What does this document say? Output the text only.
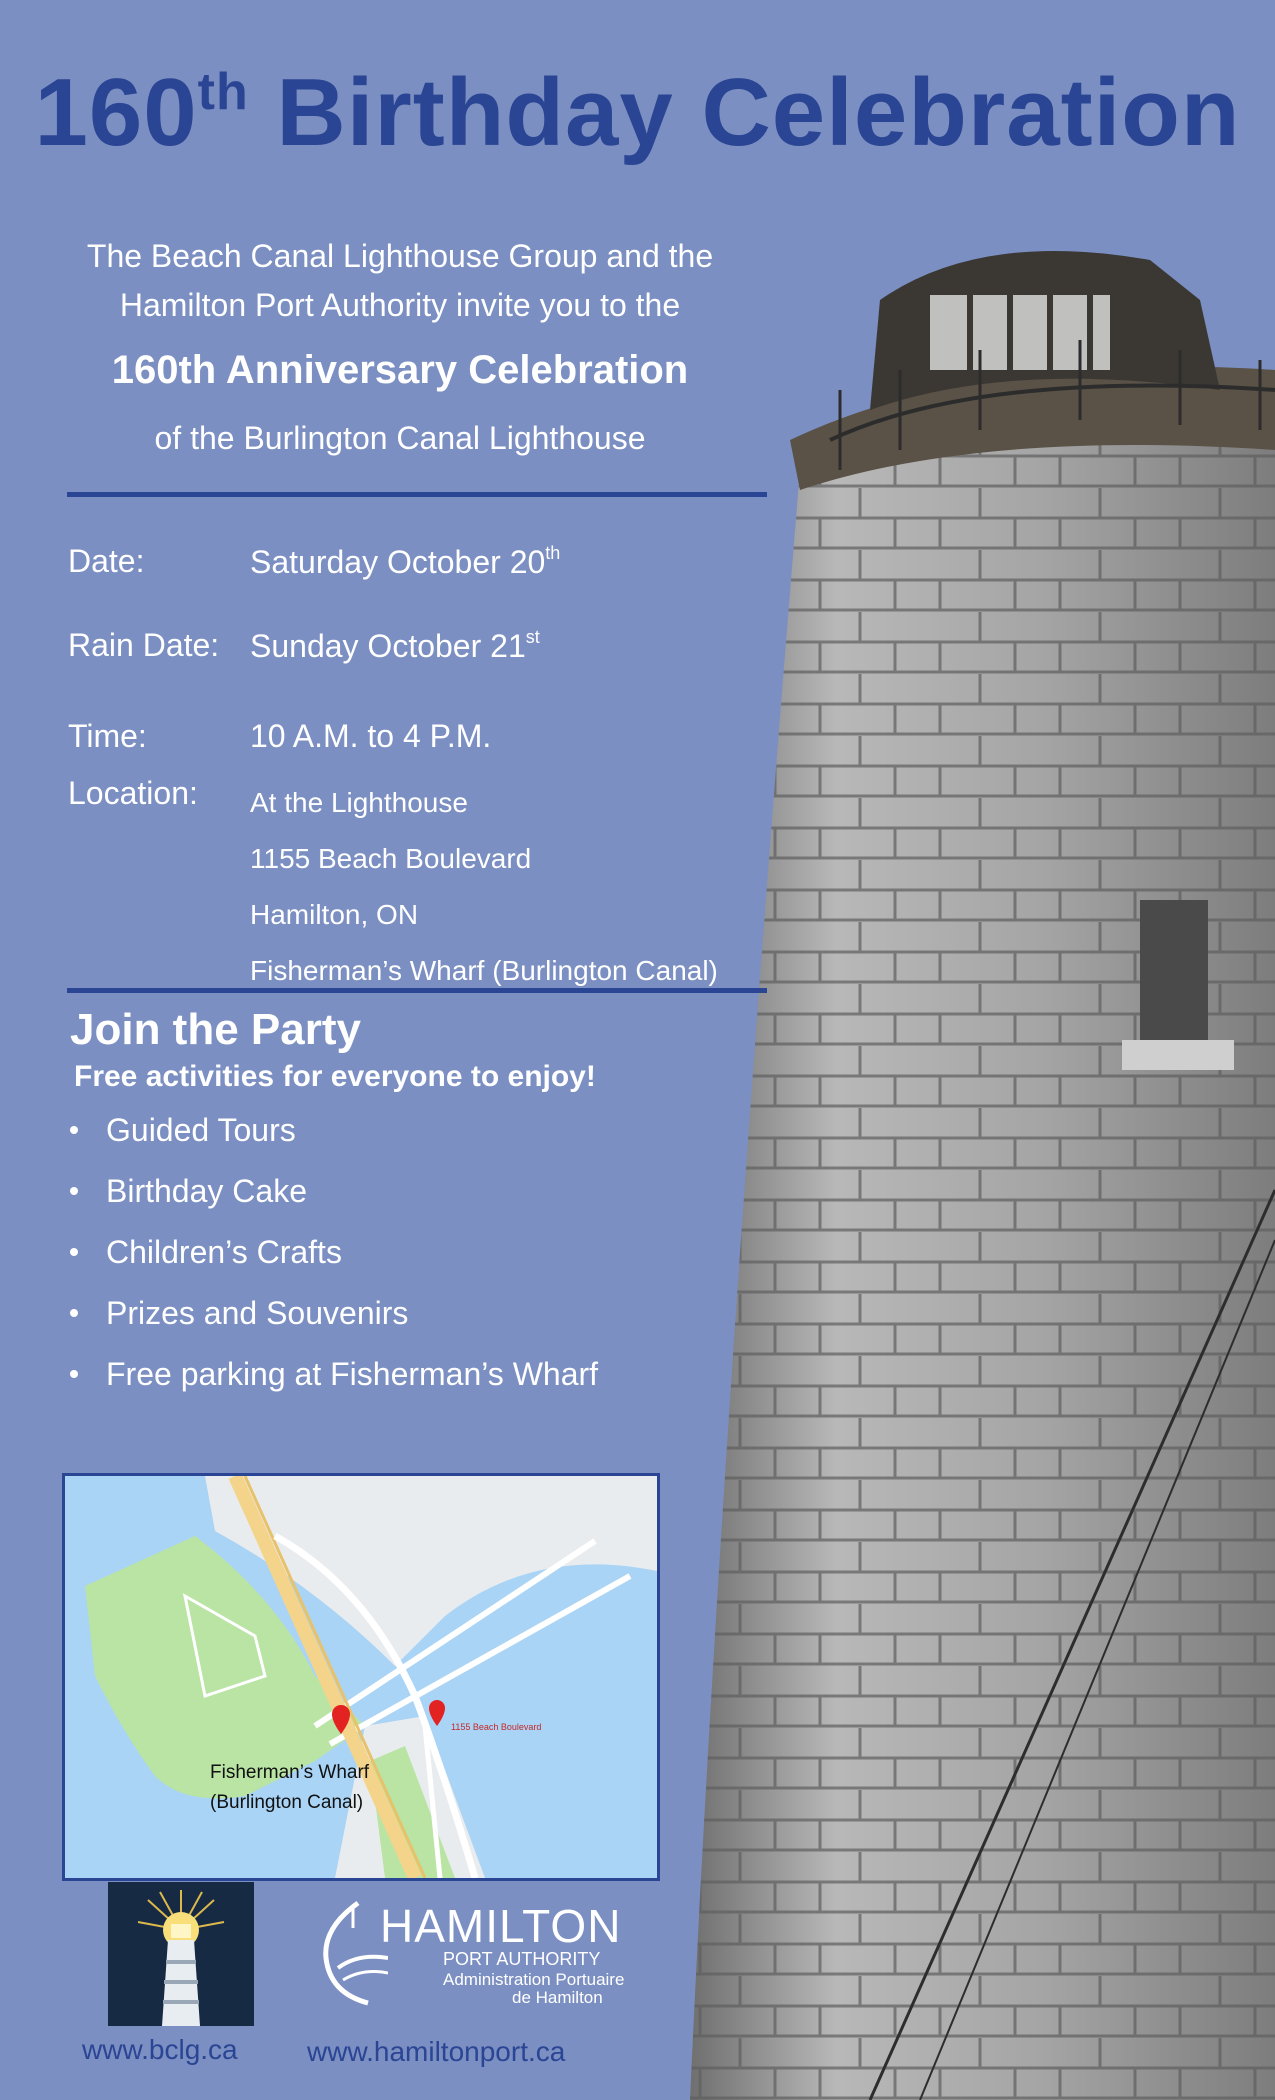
160th Birthday Celebration
The Beach Canal Lighthouse Group and the
Hamilton Port Authority invite you to the
160th Anniversary Celebration
of the Burlington Canal Lighthouse
Date:	Saturday October 20th
Rain Date: Sunday October 21st
Time:	10 A.M. to 4 P.M.
Location: At the Lighthouse
1155 Beach Boulevard
Hamilton, ON
Fisherman’s Wharf (Burlington Canal)
Join the Party
Free activities for everyone to enjoy!
Guided Tours
Birthday Cake
Children’s Crafts
Prizes and Souvenirs
Free parking at Fisherman’s Wharf
1155 Beach Boulevard
Fisherman’s Wharf
(Burlington Canal)
HAMILTON
PORT AUTHORITY
Administration Portuaire
de Hamilton
www.bclg.ca www.hamiltonport.ca
